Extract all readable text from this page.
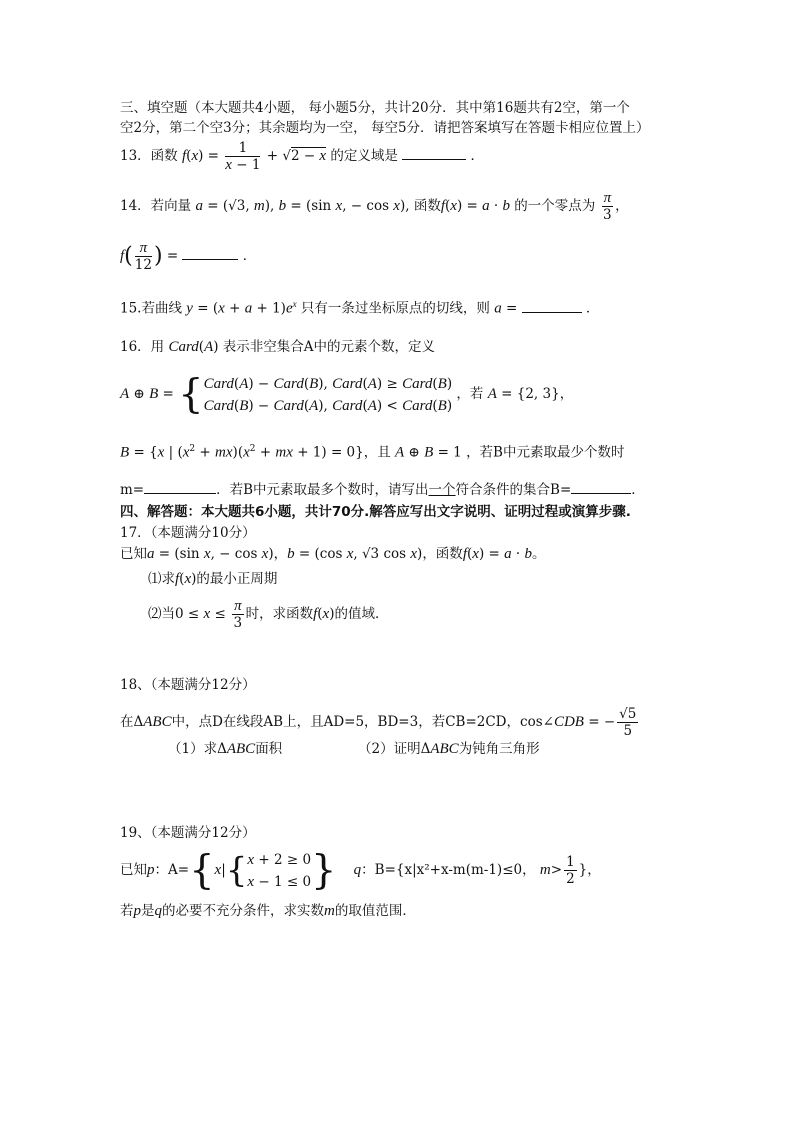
三、填空题（本大题共4小题， 每小题5分，共计20分．其中第16题共有2空，第一个
空2分，第二个空3分；其余题均为一空， 每空5分．请把答案填写在答题卡相应位置上）
13．函数 $f(x) = \frac{1}{x - 1} + √2 - x$ 的定义域是	．
14．若向量 a = (√3, m), b = (sin x, − cos x), 函数f(x) = a · b 的一个零点为 $\frac{\pi}{3}$ ，
$f( \frac{\pi}{12}$ ) =	．
15.若曲线 $y = (x + a + 1)e^x$ 只有一条过坐标原点的切线，则 a =	．
16．用 Card(A) 表示非空集合A中的元素个数，定义
A ⊕ B = { Card(A) − Card(B), Card(A) ≥ Card(B)
Card(B) − Card(A), Card(A) < Card(B)
，若 A = {2, 3}，
B = {x | $(x^2 + mx)(x^2$ + mx + 1) = 0}，且 A ⊕ B = 1 ，若B中元素取最少个数时
m=	．若B中元素取最多个数时，请写出一个符合条件的集合B=	．
四、解答题：本大题共6小题，共计70分.解答应写出文字说明、证明过程或演算步骤.
17．（本题满分10分）
已知a = (sin x, − cos x)，b = (cos x, √3 cos x)，函数f(x) = a · b。
⑴求f(x)的最小正周期
⑵当$0 \le x \le \frac{\pi}{3}$ 时，求函数f(x)的值域．
18、（本题满分12分）
在ΔABC中，点D在线段AB上，且AD=5，BD=3，若CB=2CD，cos∠CDB = − $\frac{√5}{5}$
（1）求ΔABC面积	（2）证明ΔABC为钝角三角形
19、（本题满分12分）
已知p：A={x|{ x + 2 ≥ 0
x − 1 ≤ 0 } q：B={x|x²+x-m(m-1)≤0， $m> \frac{1}{2}$ }，
若p是q的必要不充分条件，求实数m的取值范围．
